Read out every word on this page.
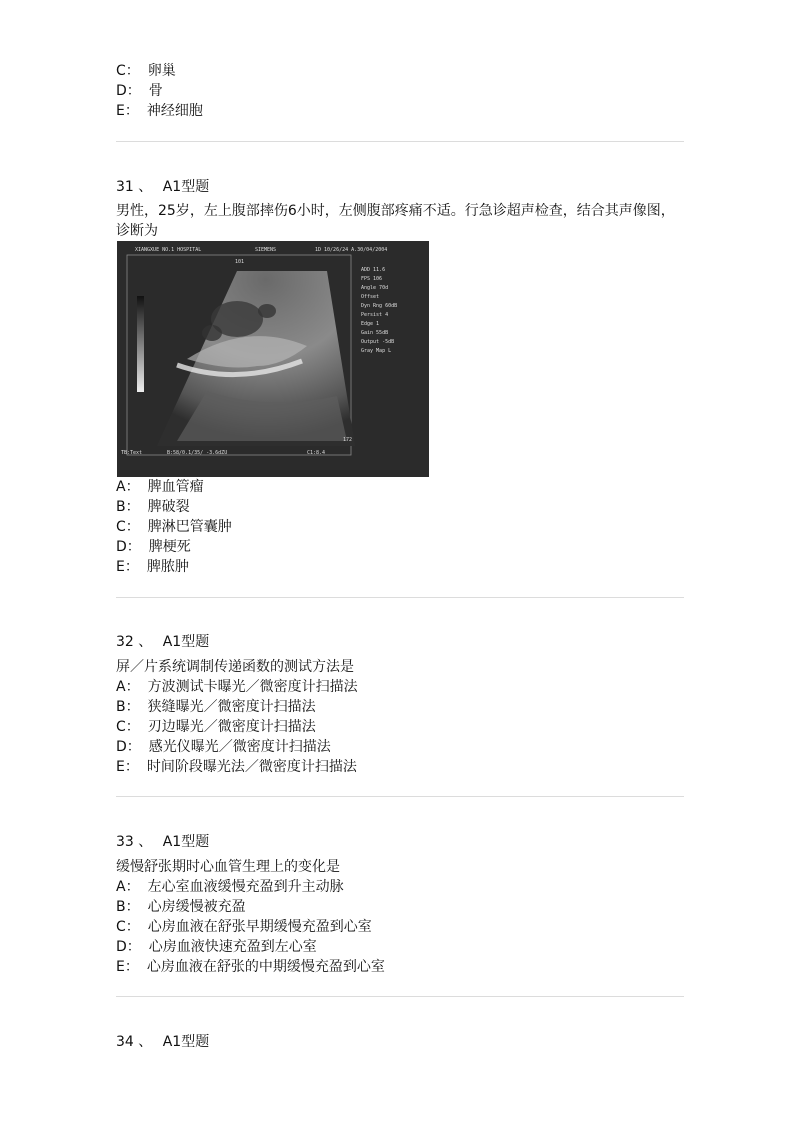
C： 卵巢
D： 骨
E： 神经细胞
31 、 A1型题
男性，25岁，左上腹部摔伤6小时，左侧腹部疼痛不适。行急诊超声检查，结合其声像图，诊断为
XIANGXUE NO.1 HOSPITAL	SIEMENS	1D 10/26/24 A.30/04/2004
101
ADD 11.6
FPS 106
Angle 70d
Offset
Dyn Rng 60dB
Persist 4
Edge 1
Gain 55dB
Output -5dB
Gray Map L
172
TB:Text	B:58/0.1/35/ -3.6dZU	C1:8.4
A： 脾血管瘤
B： 脾破裂
C： 脾淋巴管囊肿
D： 脾梗死
E： 脾脓肿
32 、 A1型题
屏／片系统调制传递函数的测试方法是
A： 方波测试卡曝光／微密度计扫描法
B： 狭缝曝光／微密度计扫描法
C： 刃边曝光／微密度计扫描法
D： 感光仪曝光／微密度计扫描法
E： 时间阶段曝光法／微密度计扫描法
33 、 A1型题
缓慢舒张期时心血管生理上的变化是
A： 左心室血液缓慢充盈到升主动脉
B： 心房缓慢被充盈
C： 心房血液在舒张早期缓慢充盈到心室
D： 心房血液快速充盈到左心室
E： 心房血液在舒张的中期缓慢充盈到心室
34 、 A1型题
